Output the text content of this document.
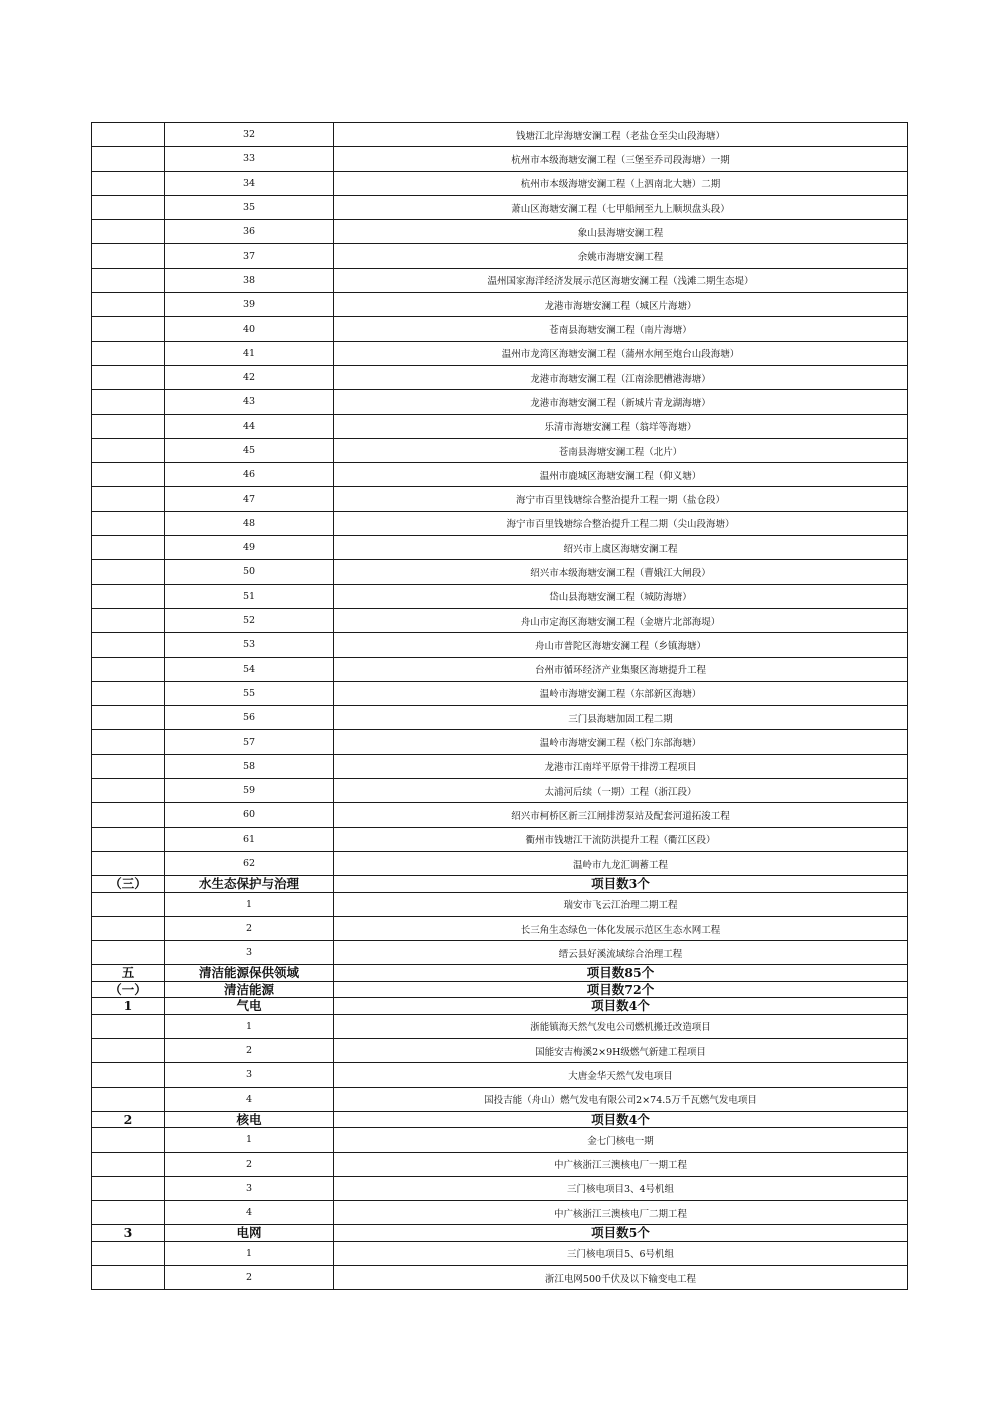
	32	钱塘江北岸海塘安澜工程（老盐仓至尖山段海塘）
	33	杭州市本级海塘安澜工程（三堡至乔司段海塘）一期
	34	杭州市本级海塘安澜工程（上泗南北大塘）二期
	35	萧山区海塘安澜工程（七甲船闸至九上顺坝盘头段）
	36	象山县海塘安澜工程
	37	余姚市海塘安澜工程
	38	温州国家海洋经济发展示范区海塘安澜工程（浅滩二期生态堤）
	39	龙港市海塘安澜工程（城区片海塘）
	40	苍南县海塘安澜工程（南片海塘）
	41	温州市龙湾区海塘安澜工程（蒲州水闸至炮台山段海塘）
	42	龙港市海塘安澜工程（江南涂肥槽港海塘）
	43	龙港市海塘安澜工程（新城片青龙湖海塘）
	44	乐清市海塘安澜工程（翁垟等海塘）
	45	苍南县海塘安澜工程（北片）
	46	温州市鹿城区海塘安澜工程（仰义塘）
	47	海宁市百里钱塘综合整治提升工程一期（盐仓段）
	48	海宁市百里钱塘综合整治提升工程二期（尖山段海塘）
	49	绍兴市上虞区海塘安澜工程
	50	绍兴市本级海塘安澜工程（曹娥江大闸段）
	51	岱山县海塘安澜工程（城防海塘）
	52	舟山市定海区海塘安澜工程（金塘片北部海堤）
	53	舟山市普陀区海塘安澜工程（乡镇海塘）
	54	台州市循环经济产业集聚区海塘提升工程
	55	温岭市海塘安澜工程（东部新区海塘）
	56	三门县海塘加固工程二期
	57	温岭市海塘安澜工程（松门东部海塘）
	58	龙港市江南垟平原骨干排涝工程项目
	59	太浦河后续（一期）工程（浙江段）
	60	绍兴市柯桥区新三江闸排涝泵站及配套河道拓浚工程
	61	衢州市钱塘江干流防洪提升工程（衢江区段）
	62	温岭市九龙汇调蓄工程
（三）	水生态保护与治理	项目数3个
	1	瑞安市飞云江治理二期工程
	2	长三角生态绿色一体化发展示范区生态水网工程
	3	缙云县好溪流域综合治理工程
五	清洁能源保供领域	项目数85个
（一）	清洁能源	项目数72个
1	气电	项目数4个
	1	浙能镇海天然气发电公司燃机搬迁改造项目
	2	国能安吉梅溪2×9H级燃气新建工程项目
	3	大唐金华天然气发电项目
	4	国投吉能（舟山）燃气发电有限公司2×74.5万千瓦燃气发电项目
2	核电	项目数4个
	1	金七门核电一期
	2	中广核浙江三澳核电厂一期工程
	3	三门核电项目3、4号机组
	4	中广核浙江三澳核电厂二期工程
3	电网	项目数5个
	1	三门核电项目5、6号机组
	2	浙江电网500千伏及以下输变电工程
